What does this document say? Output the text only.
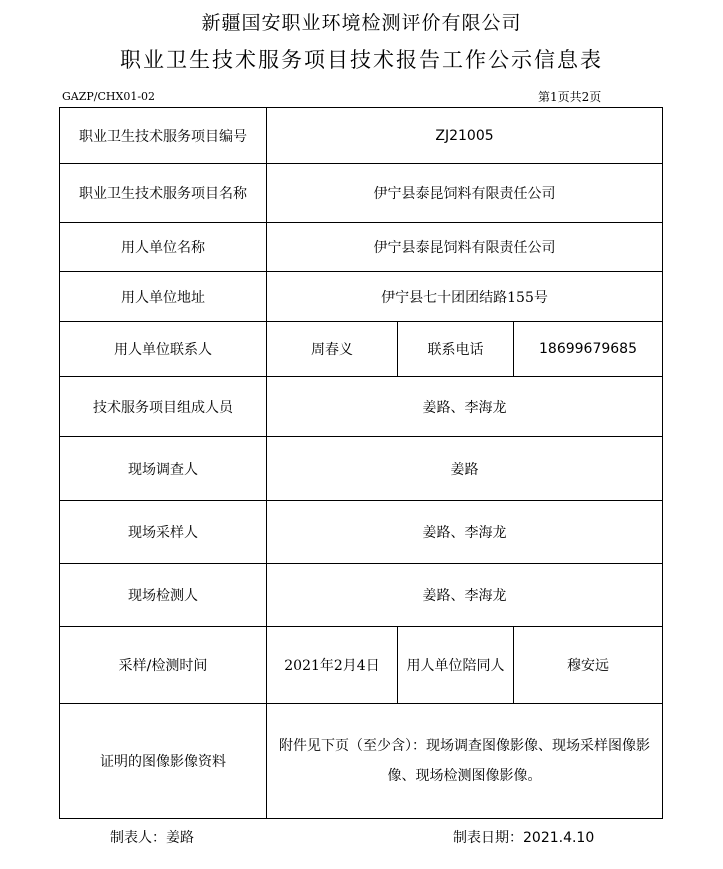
新疆国安职业环境检测评价有限公司
职业卫生技术服务项目技术报告工作公示信息表
GAZP/CHX01-02	第1页共2页
职业卫生技术服务项目编号	ZJ21005		
职业卫生技术服务项目名称	伊宁县泰昆饲料有限责任公司		
用人单位名称	伊宁县泰昆饲料有限责任公司		
用人单位地址	伊宁县七十团团结路155号		
用人单位联系人	周春义	联系电话	18699679685
技术服务项目组成人员	姜路、李海龙		
现场调查人	姜路		
现场采样人	姜路、李海龙		
现场检测人	姜路、李海龙		
采样/检测时间	2021年2月4日	用人单位陪同人	穆安远
证明的图像影像资料	附件见下页（至少含）：现场调查图像影像、现场采样图像影像、现场检测图像影像。		
制表人：姜路	制表日期：2021.4.10
